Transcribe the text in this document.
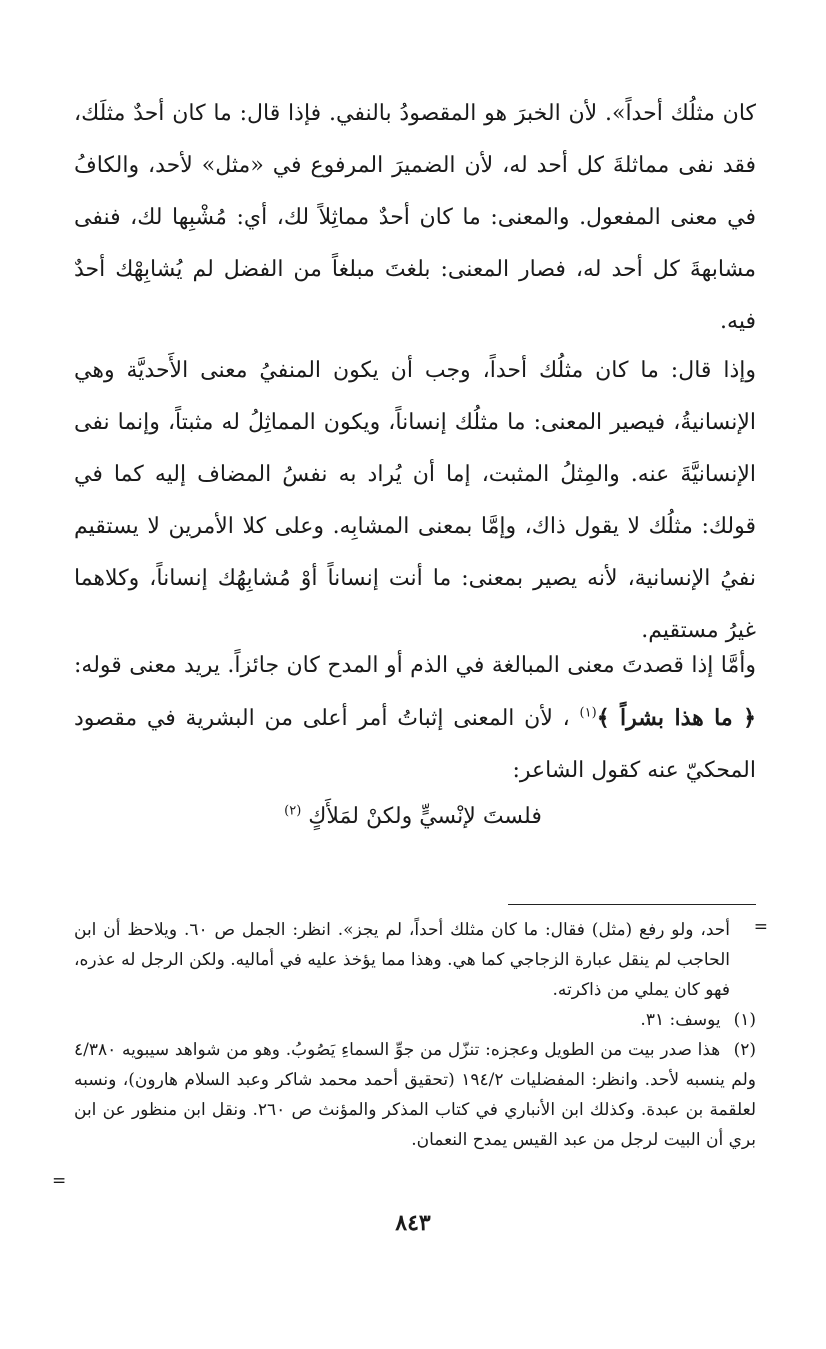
كان مثلُك أحداً». لأن الخبرَ هو المقصودُ بالنفي. فإذا قال: ما كان أحدٌ مثلَك، فقد نفى مماثلةَ كل أحد له، لأن الضميرَ المرفوع في «مثل» لأحد، والكافُ في معنى المفعول. والمعنى: ما كان أحدٌ مماثِلاً لك، أي: مُشْبِها لك، فنفى مشابهةَ كل أحد له، فصار المعنى: بلغتَ مبلغاً من الفضل لم يُشابِهْك أحدٌ فيه.

وإذا قال: ما كان مثلُك أحداً، وجب أن يكون المنفيُ معنى الأَحديَّة وهي الإنسانيةُ، فيصير المعنى: ما مثلُك إنساناً، ويكون المماثِلُ له مثبتاً، وإنما نفى الإنسانيَّةَ عنه. والمِثلُ المثبت، إما أن يُراد به نفسُ المضاف إليه كما في قولك: مثلُك لا يقول ذاك، وإمَّا بمعنى المشابِه. وعلى كلا الأمرين لا يستقيم نفيُ الإنسانية، لأنه يصير بمعنى: ما أنت إنساناً أوْ مُشابِهُك إنساناً، وكلاهما غيرُ مستقيم.

وأمَّا إذا قصدتَ معنى المبالغة في الذم أو المدح كان جائزاً. يريد معنى قوله: ﴿ ما هذا بشراً ﴾$^{(١)}$ ، لأن المعنى إثباتُ أمر أعلى من البشرية في مقصود المحكيّ عنه كقول الشاعر:

فلستَ لإنْسيٍّ ولكنْ لمَلأَكٍ $^{(٢)}$
=

أحد، ولو رفع (مثل) فقال: ما كان مثلك أحداً، لم يجز». انظر: الجمل ص ٦٠. ويلاحظ أن ابن الحاجب لم ينقل عبارة الزجاجي كما هي. وهذا مما يؤخذ عليه في أماليه. ولكن الرجل له عذره، فهو كان يملي من ذاكرته.

(١) يوسف: ٣١.

(٢) هذا صدر بيت من الطويل وعجزه: تنزّل من جوِّ السماءِ يَصُوبُ. وهو من شواهد سيبويه ٤/٣٨٠ ولم ينسبه لأحد. وانظر: المفضليات ١٩٤/٢ (تحقيق أحمد محمد شاكر وعبد السلام هارون)، ونسبه لعلقمة بن عبدة. وكذلك ابن الأنباري في كتاب المذكر والمؤنث ص ٢٦٠. ونقل ابن منظور عن ابن بري أن البيت لرجل من عبد القيس يمدح النعمان.

=
٨٤٣
